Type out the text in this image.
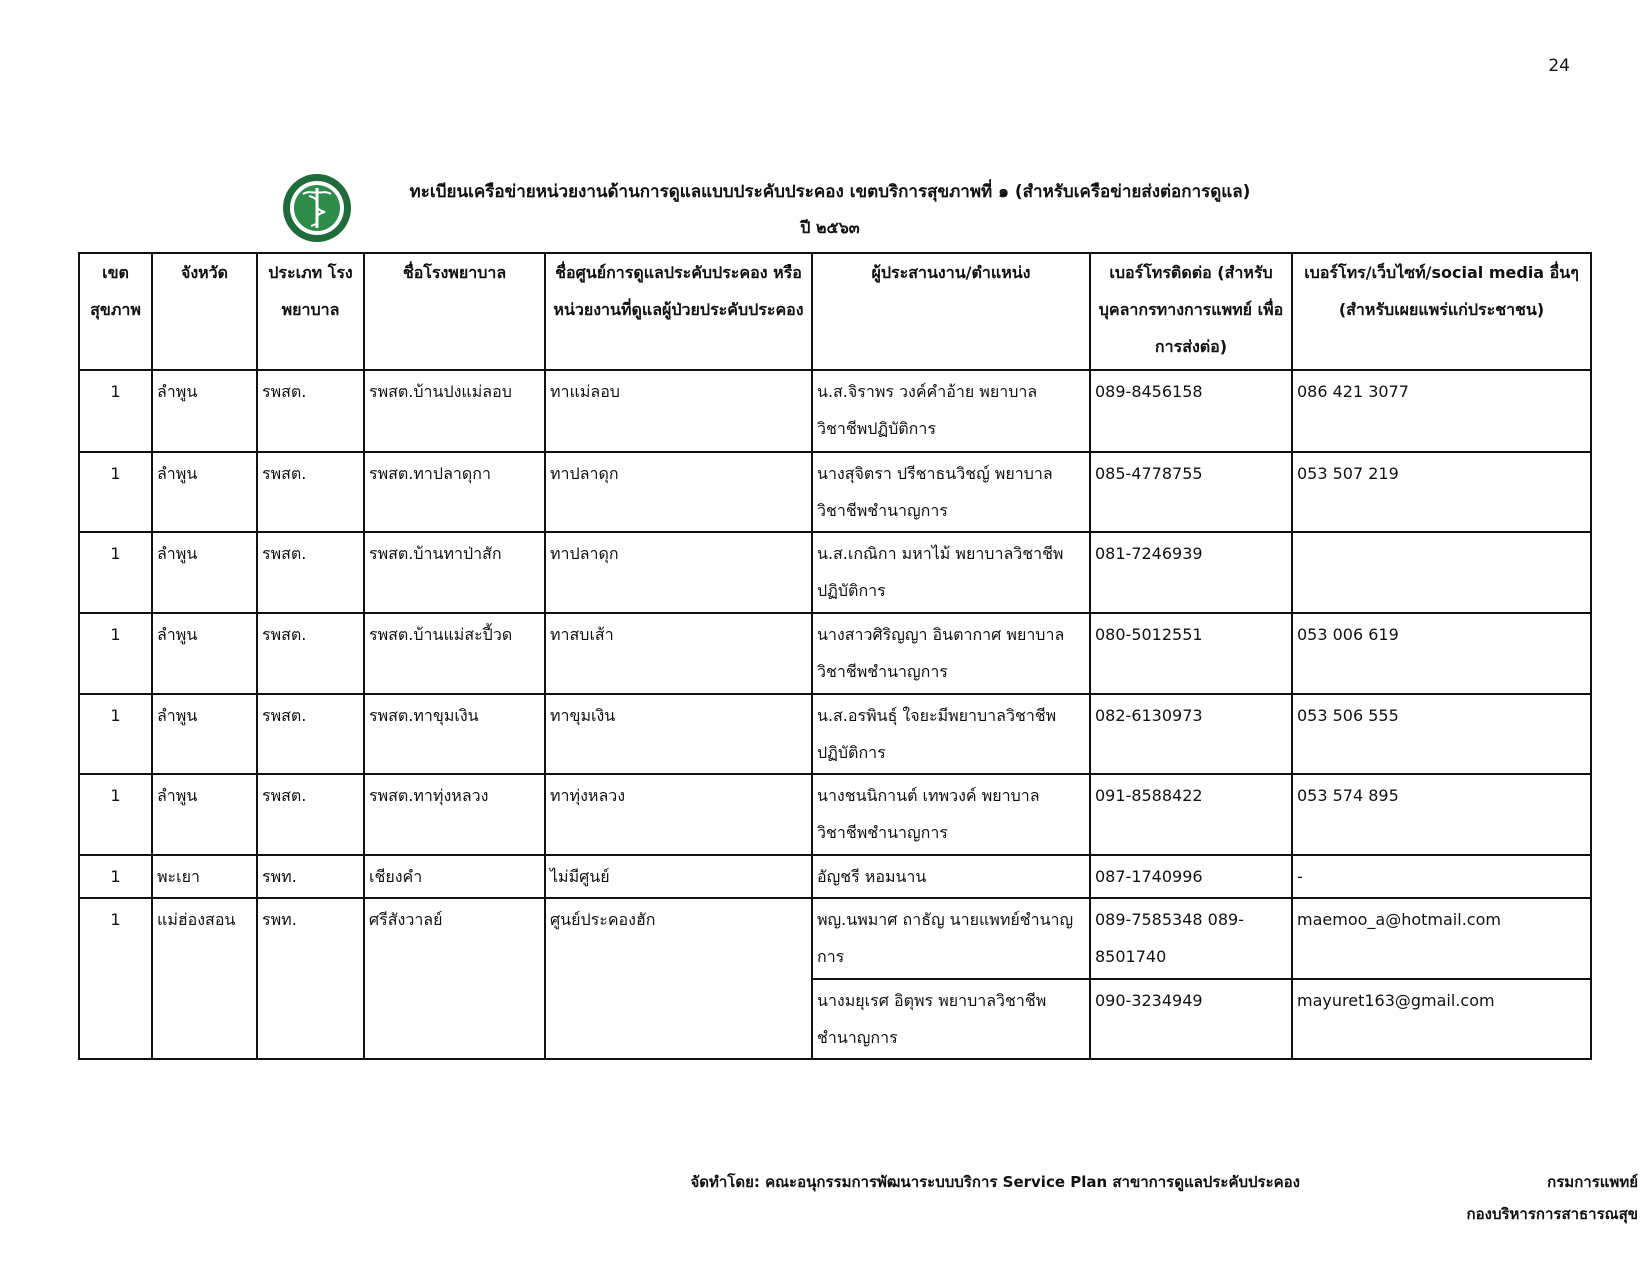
24
ทะเบียนเครือข่ายหน่วยงานด้านการดูแลแบบประคับประคอง เขตบริการสุขภาพที่ ๑ (สำหรับเครือข่ายส่งต่อการดูแล)
ปี ๒๕๖๓
เขต สุขภาพ	จังหวัด	ประเภท โรงพยาบาล	ชื่อโรงพยาบาล	ชื่อศูนย์การดูแลประคับประคอง หรือ หน่วยงานที่ดูแลผู้ป่วยประคับประคอง	ผู้ประสานงาน/ตำแหน่ง	เบอร์โทรติดต่อ (สำหรับบุคลากรทางการแพทย์ เพื่อการส่งต่อ)	เบอร์โทร/เว็บไซท์/social media อื่นๆ (สำหรับเผยแพร่แก่ประชาชน)
1	ลำพูน	รพสต.	รพสต.บ้านปงแม่ลอบ	ทาแม่ลอบ	น.ส.จิราพร วงค์คำอ้าย พยาบาล วิชาชีพปฏิบัติการ	089-8456158	086 421 3077
1	ลำพูน	รพสต.	รพสต.ทาปลาดุกา	ทาปลาดุก	นางสุจิตรา ปรีชาธนวิชญ์ พยาบาลวิชาชีพชำนาญการ	085-4778755	053 507 219
1	ลำพูน	รพสต.	รพสต.บ้านทาป่าสัก	ทาปลาดุก	น.ส.เกณิกา มหาไม้ พยาบาลวิชาชีพปฏิบัติการ	081-7246939	
1	ลำพูน	รพสต.	รพสต.บ้านแม่สะปี้วด	ทาสบเส้า	นางสาวศิริญญา อินตากาศ พยาบาลวิชาชีพชำนาญการ	080-5012551	053 006 619
1	ลำพูน	รพสต.	รพสต.ทาขุมเงิน	ทาขุมเงิน	น.ส.อรพินธุ์ ใจยะมีพยาบาลวิชาชีพ ปฏิบัติการ	082-6130973	053 506 555
1	ลำพูน	รพสต.	รพสต.ทาทุ่งหลวง	ทาทุ่งหลวง	นางชนนิกานต์ เทพวงค์ พยาบาล วิชาชีพชำนาญการ	091-8588422	053 574 895
1	พะเยา	รพท.	เชียงคำ	ไม่มีศูนย์	อัญชรี หอมนาน	087-1740996	-
1	แม่ฮ่องสอน	รพท.	ศรีสังวาลย์	ศูนย์ประคองฮัก	พญ.นพมาศ ถาธัญ นายแพทย์ชำนาญการ	089-7585348 089-8501740	maemoo_a@hotmail.com
					นางมยุเรศ อิตุพร พยาบาลวิชาชีพชำนาญการ	090-3234949	mayuret163@gmail.com
จัดทำโดย: คณะอนุกรรมการพัฒนาระบบบริการ Service Plan สาขาการดูแลประคับประคอง	กรมการแพทย์
กองบริหารการสาธารณสุข
